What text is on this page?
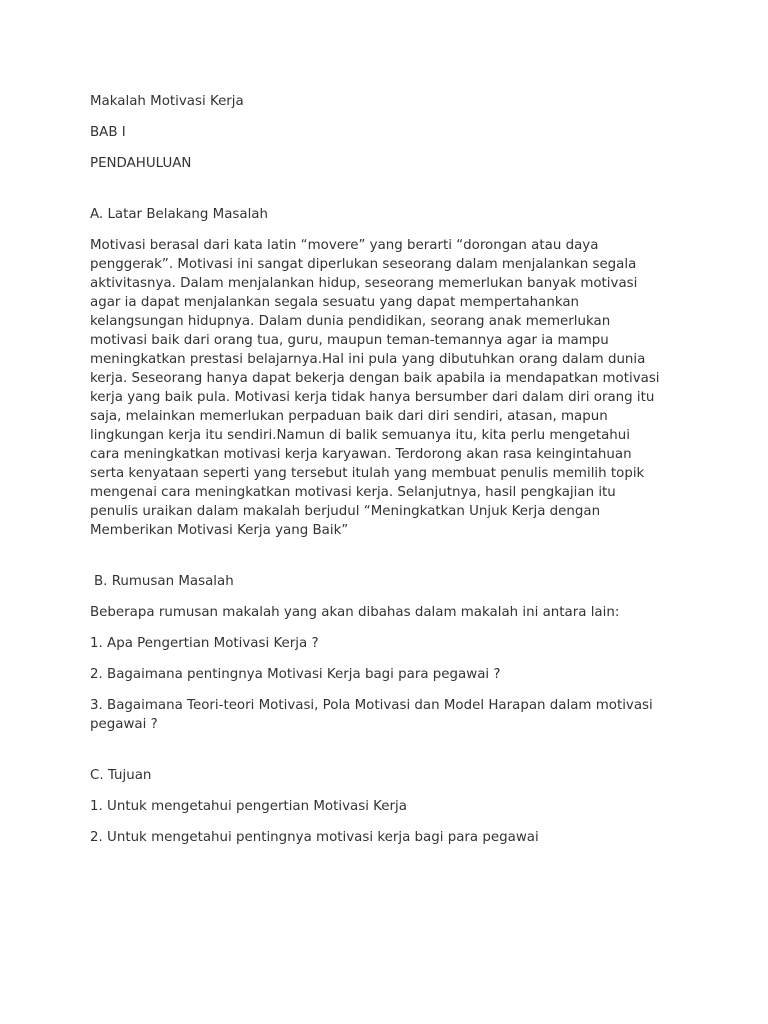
Makalah Motivasi Kerja

BAB I

PENDAHULUAN

A. Latar Belakang Masalah

Motivasi berasal dari kata latin “movere” yang berarti “dorongan atau daya
penggerak”. Motivasi ini sangat diperlukan seseorang dalam menjalankan segala
aktivitasnya. Dalam menjalankan hidup, seseorang memerlukan banyak motivasi
agar ia dapat menjalankan segala sesuatu yang dapat mempertahankan
kelangsungan hidupnya. Dalam dunia pendidikan, seorang anak memerlukan
motivasi baik dari orang tua, guru, maupun teman-temannya agar ia mampu
meningkatkan prestasi belajarnya.Hal ini pula yang dibutuhkan orang dalam dunia
kerja. Seseorang hanya dapat bekerja dengan baik apabila ia mendapatkan motivasi
kerja yang baik pula. Motivasi kerja tidak hanya bersumber dari dalam diri orang itu
saja, melainkan memerlukan perpaduan baik dari diri sendiri, atasan, mapun
lingkungan kerja itu sendiri.Namun di balik semuanya itu, kita perlu mengetahui
cara meningkatkan motivasi kerja karyawan. Terdorong akan rasa keingintahuan
serta kenyataan seperti yang tersebut itulah yang membuat penulis memilih topik
mengenai cara meningkatkan motivasi kerja. Selanjutnya, hasil pengkajian itu
penulis uraikan dalam makalah berjudul “Meningkatkan Unjuk Kerja dengan
Memberikan Motivasi Kerja yang Baik”

B. Rumusan Masalah

Beberapa rumusan makalah yang akan dibahas dalam makalah ini antara lain:

1. Apa Pengertian Motivasi Kerja ?

2. Bagaimana pentingnya Motivasi Kerja bagi para pegawai ?

3. Bagaimana Teori-teori Motivasi, Pola Motivasi dan Model Harapan dalam motivasi
pegawai ?

C. Tujuan

1. Untuk mengetahui pengertian Motivasi Kerja

2. Untuk mengetahui pentingnya motivasi kerja bagi para pegawai
